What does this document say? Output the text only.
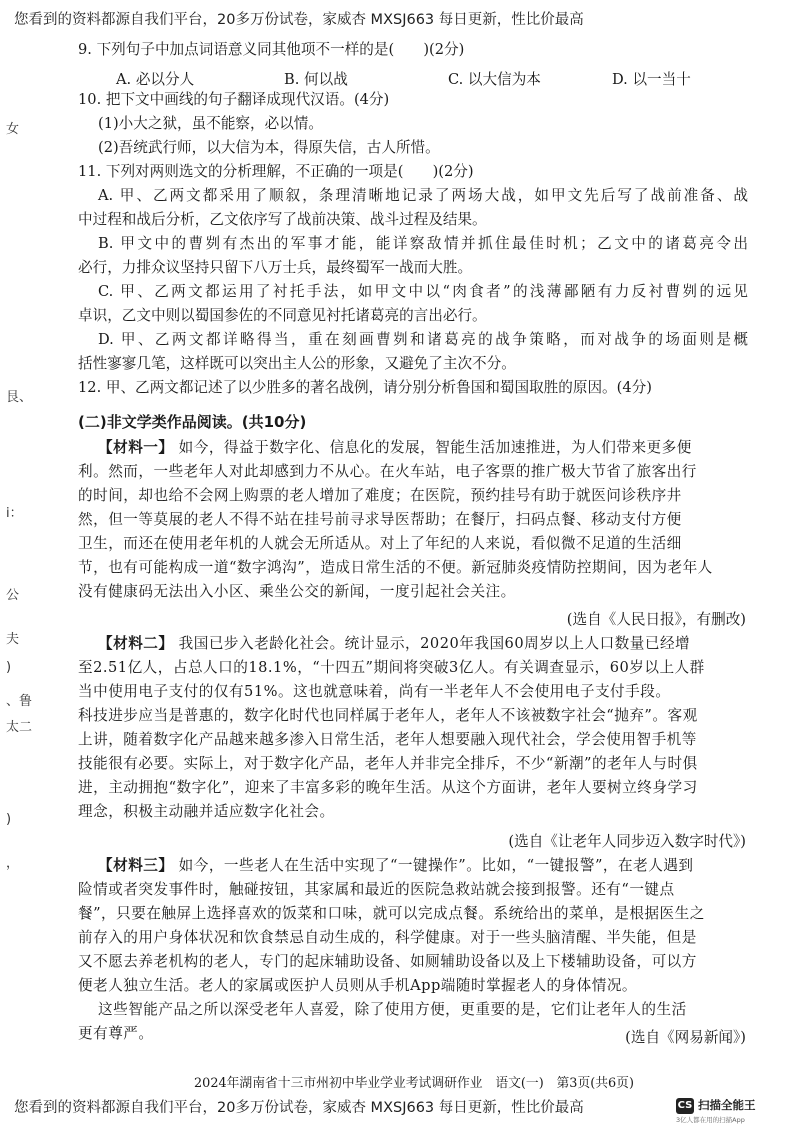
您看到的资料都源自我们平台，20多万份试卷，家威杏 MXSJ663 每日更新，性比价最高
女
艮、
i：
公
夫
)
、鲁
太二
)
，
9. 下列句子中加点词语意义同其他项不一样的是(　　)(2分)
A. 必以分人	B. 何以战	C. 以大信为本	D. 以一当十
10. 把下文中画线的句子翻译成现代汉语。(4分)
(1)小大之狱，虽不能察，必以情。
(2)吾统武行师，以大信为本，得原失信，古人所惜。
11. 下列对两则选文的分析理解，不正确的一项是(　　)(2分)
A. 甲、乙两文都采用了顺叙，条理清晰地记录了两场大战，如甲文先后写了战前准备、战
中过程和战后分析，乙文依序写了战前决策、战斗过程及结果。
B. 甲文中的曹刿有杰出的军事才能，能详察敌情并抓住最佳时机；乙文中的诸葛亮令出
必行，力排众议坚持只留下八万士兵，最终蜀军一战而大胜。
C. 甲、乙两文都运用了衬托手法，如甲文中以“肉食者”的浅薄鄙陋有力反衬曹刿的远见
卓识，乙文中则以蜀国参佐的不同意见衬托诸葛亮的言出必行。
D. 甲、乙两文都详略得当，重在刻画曹刿和诸葛亮的战争策略，而对战争的场面则是概
括性寥寥几笔，这样既可以突出主人公的形象，又避免了主次不分。
12. 甲、乙两文都记述了以少胜多的著名战例，请分别分析鲁国和蜀国取胜的原因。(4分)
(二)非文学类作品阅读。(共10分)
【材料一】 如今，得益于数字化、信息化的发展，智能生活加速推进，为人们带来更多便
利。然而，一些老年人对此却感到力不从心。在火车站，电子客票的推广极大节省了旅客出行
的时间，却也给不会网上购票的老人增加了难度；在医院，预约挂号有助于就医问诊秩序井
然，但一等莫展的老人不得不站在挂号前寻求导医帮助；在餐厅，扫码点餐、移动支付方便
卫生，而还在使用老年机的人就会无所适从。对上了年纪的人来说，看似微不足道的生活细
节，也有可能构成一道“数字鸿沟”，造成日常生活的不便。新冠肺炎疫情防控期间，因为老年人
没有健康码无法出入小区、乘坐公交的新闻，一度引起社会关注。
(选自《人民日报》，有删改)
【材料二】 我国已步入老龄化社会。统计显示，2020年我国60周岁以上人口数量已经增
至2.51亿人，占总人口的18.1%，“十四五”期间将突破3亿人。有关调查显示，60岁以上人群
当中使用电子支付的仅有51%。这也就意味着，尚有一半老年人不会使用电子支付手段。
科技进步应当是普惠的，数字化时代也同样属于老年人，老年人不该被数字社会“抛弃”。客观
上讲，随着数字化产品越来越多渗入日常生活，老年人想要融入现代社会，学会使用智手机等
技能很有必要。实际上，对于数字化产品，老年人并非完全排斥，不少“新潮”的老年人与时俱
进，主动拥抱“数字化”，迎来了丰富多彩的晚年生活。从这个方面讲，老年人要树立终身学习
理念，积极主动融并适应数字化社会。
(选自《让老年人同步迈入数字时代》)
【材料三】 如今，一些老人在生活中实现了“一键操作”。比如，“一键报警”，在老人遇到
险情或者突发事件时，触碰按钮，其家属和最近的医院急救站就会接到报警。还有“一键点
餐”，只要在触屏上选择喜欢的饭菜和口味，就可以完成点餐。系统给出的菜单，是根据医生之
前存入的用户身体状况和饮食禁忌自动生成的，科学健康。对于一些头脑清醒、半失能，但是
又不愿去养老机构的老人，专门的起床辅助设备、如厕辅助设备以及上下楼辅助设备，可以方
便老人独立生活。老人的家属或医护人员则从手机App端随时掌握老人的身体情况。
这些智能产品之所以深受老年人喜爱，除了使用方便，更重要的是，它们让老年人的生活
更有尊严。	(选自《网易新闻》)
2024年湖南省十三市州初中毕业学业考试调研作业　语文(一)　第3页(共6页)
您看到的资料都源自我们平台，20多万份试卷，家威杏 MXSJ663 每日更新，性比价最高	CS 扫描全能王
3亿人都在用的扫描App
